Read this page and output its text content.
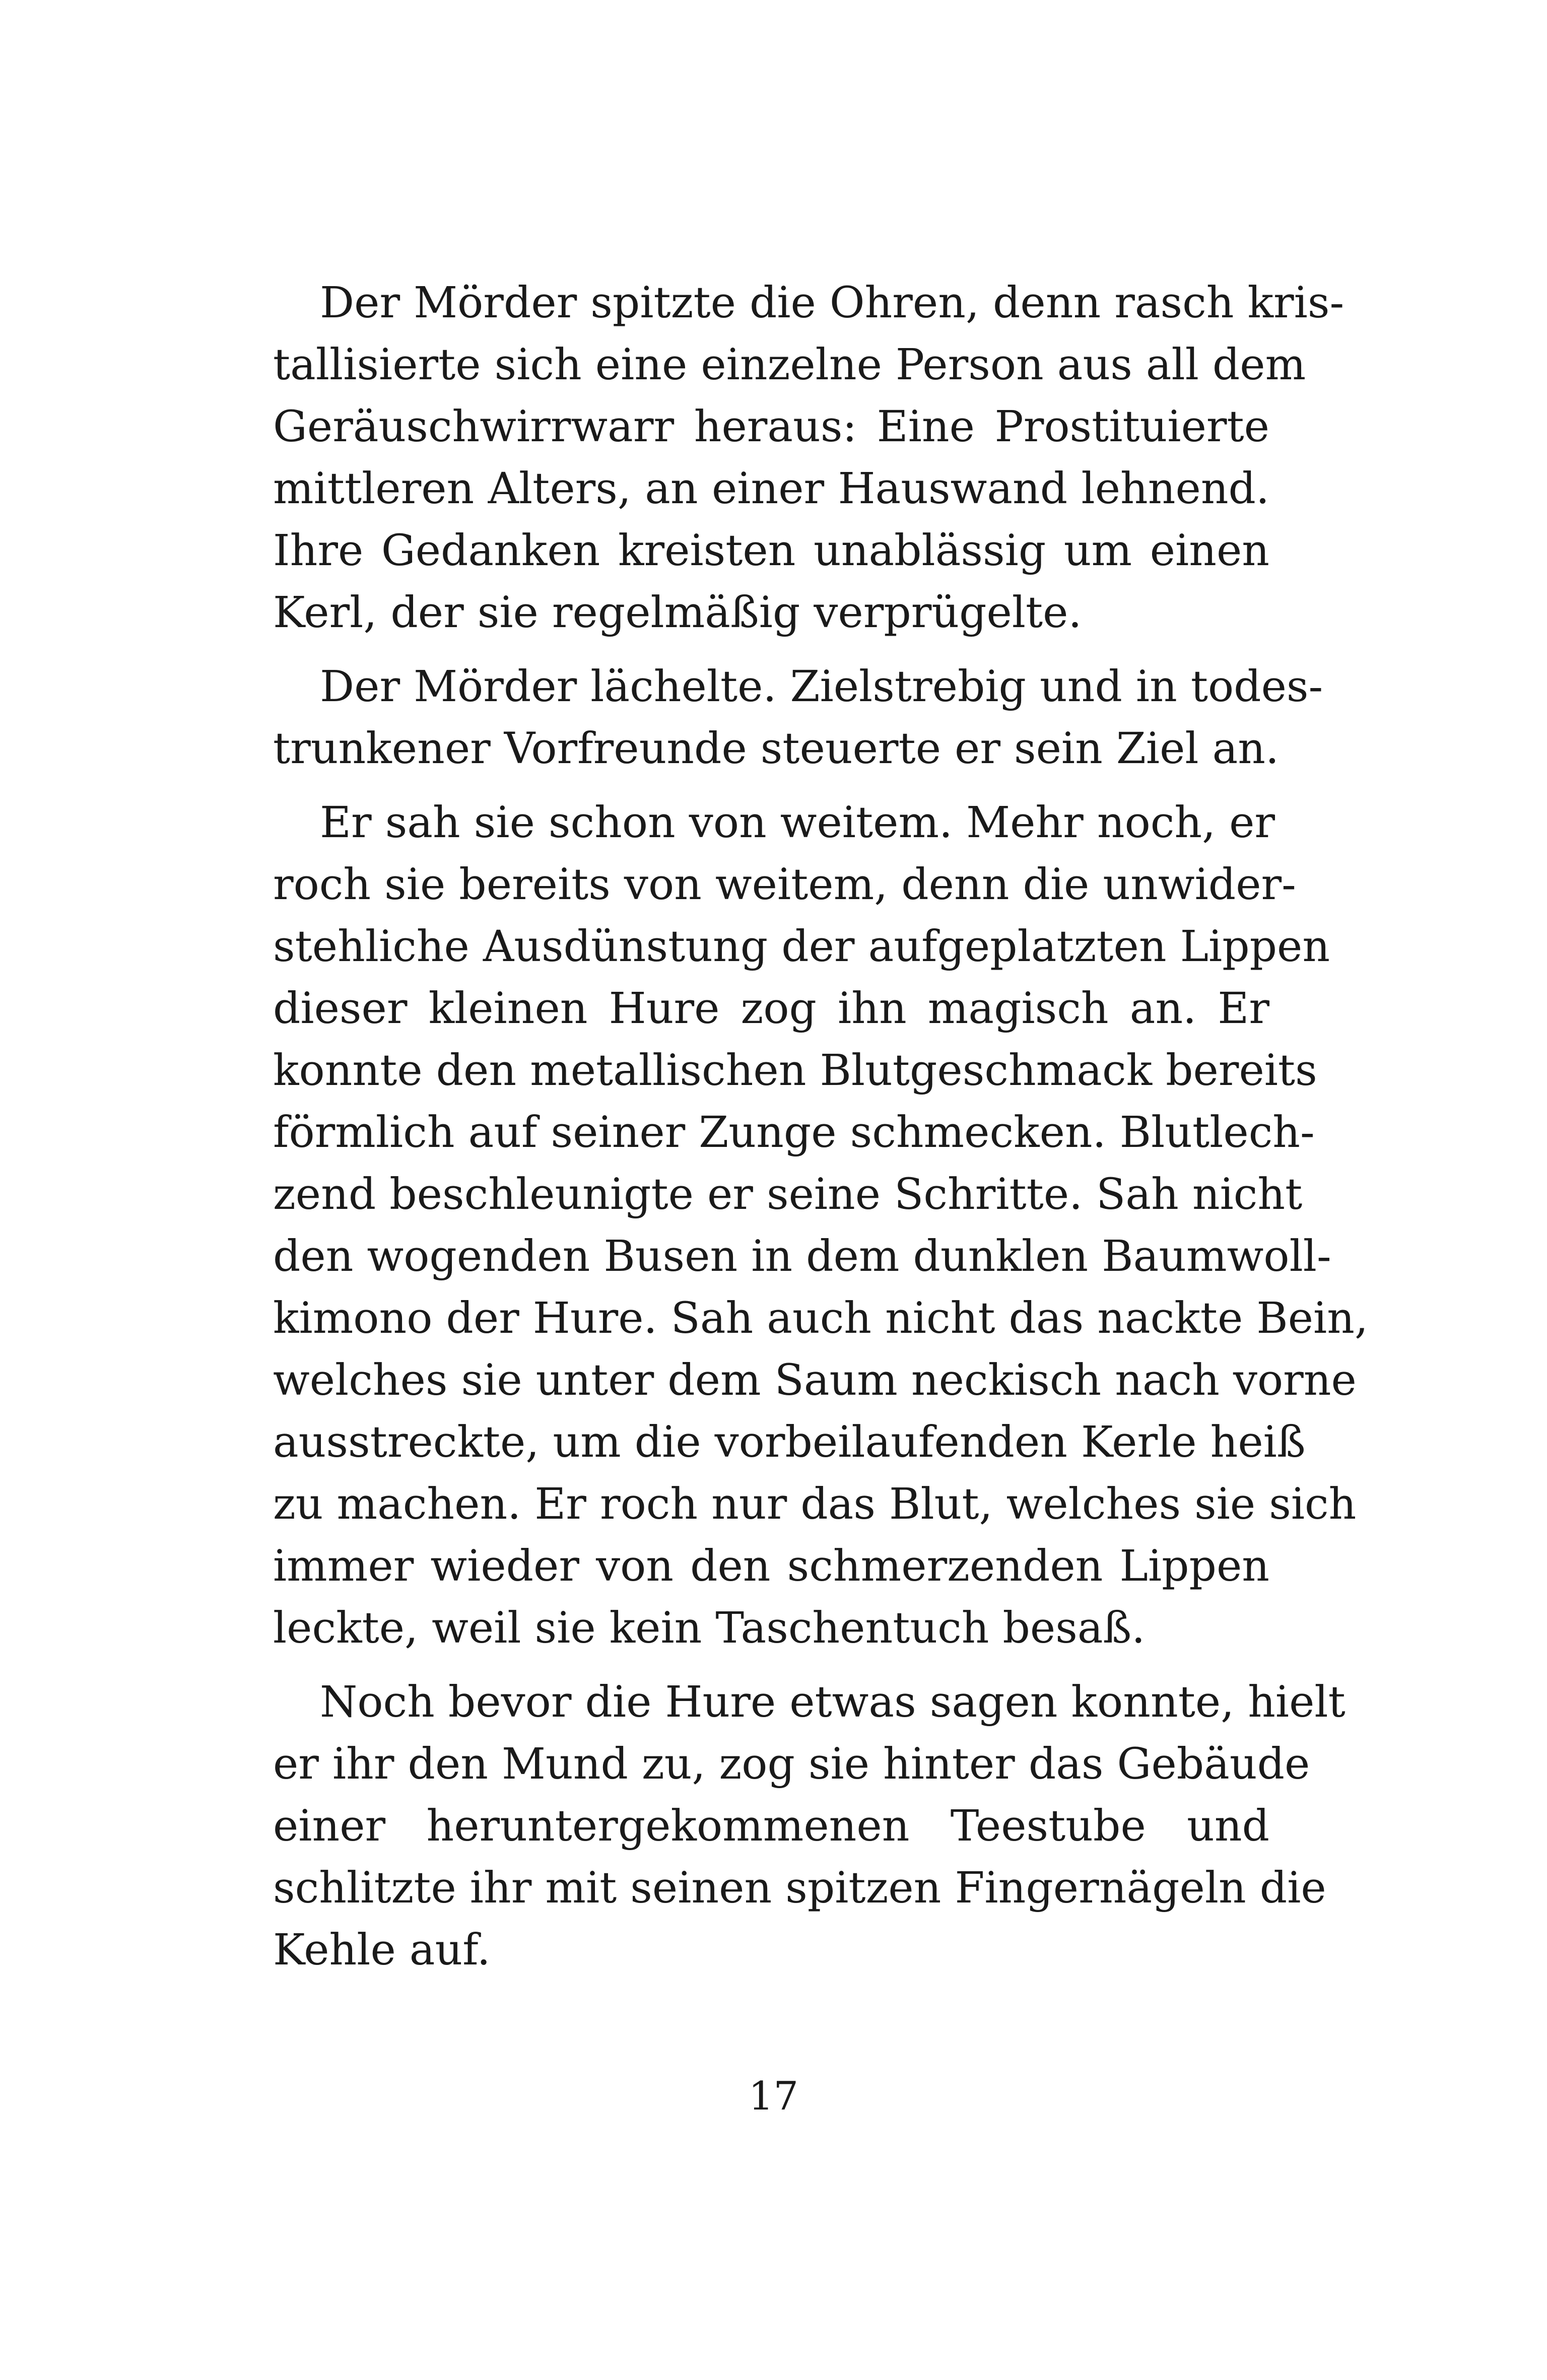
Der Mörder spitzte die Ohren, denn rasch kris-
tallisierte sich eine einzelne Person aus all dem
Geräuschwirrwarr heraus: Eine Prostituierte
mittleren Alters, an einer Hauswand lehnend.
Ihre Gedanken kreisten unablässig um einen
Kerl, der sie regelmäßig verprügelte.

Der Mörder lächelte. Zielstrebig und in todes-
trunkener Vorfreunde steuerte er sein Ziel an.

Er sah sie schon von weitem. Mehr noch, er
roch sie bereits von weitem, denn die unwider-
stehliche Ausdünstung der aufgeplatzten Lippen
dieser kleinen Hure zog ihn magisch an. Er
konnte den metallischen Blutgeschmack bereits
förmlich auf seiner Zunge schmecken. Blutlech-
zend beschleunigte er seine Schritte. Sah nicht
den wogenden Busen in dem dunklen Baumwoll-
kimono der Hure. Sah auch nicht das nackte Bein,
welches sie unter dem Saum neckisch nach vorne
ausstreckte, um die vorbeilaufenden Kerle heiß
zu machen. Er roch nur das Blut, welches sie sich
immer wieder von den schmerzenden Lippen
leckte, weil sie kein Taschentuch besaß.

Noch bevor die Hure etwas sagen konnte, hielt
er ihr den Mund zu, zog sie hinter das Gebäude
einer heruntergekommenen Teestube und
schlitzte ihr mit seinen spitzen Fingernägeln die
Kehle auf.

17
